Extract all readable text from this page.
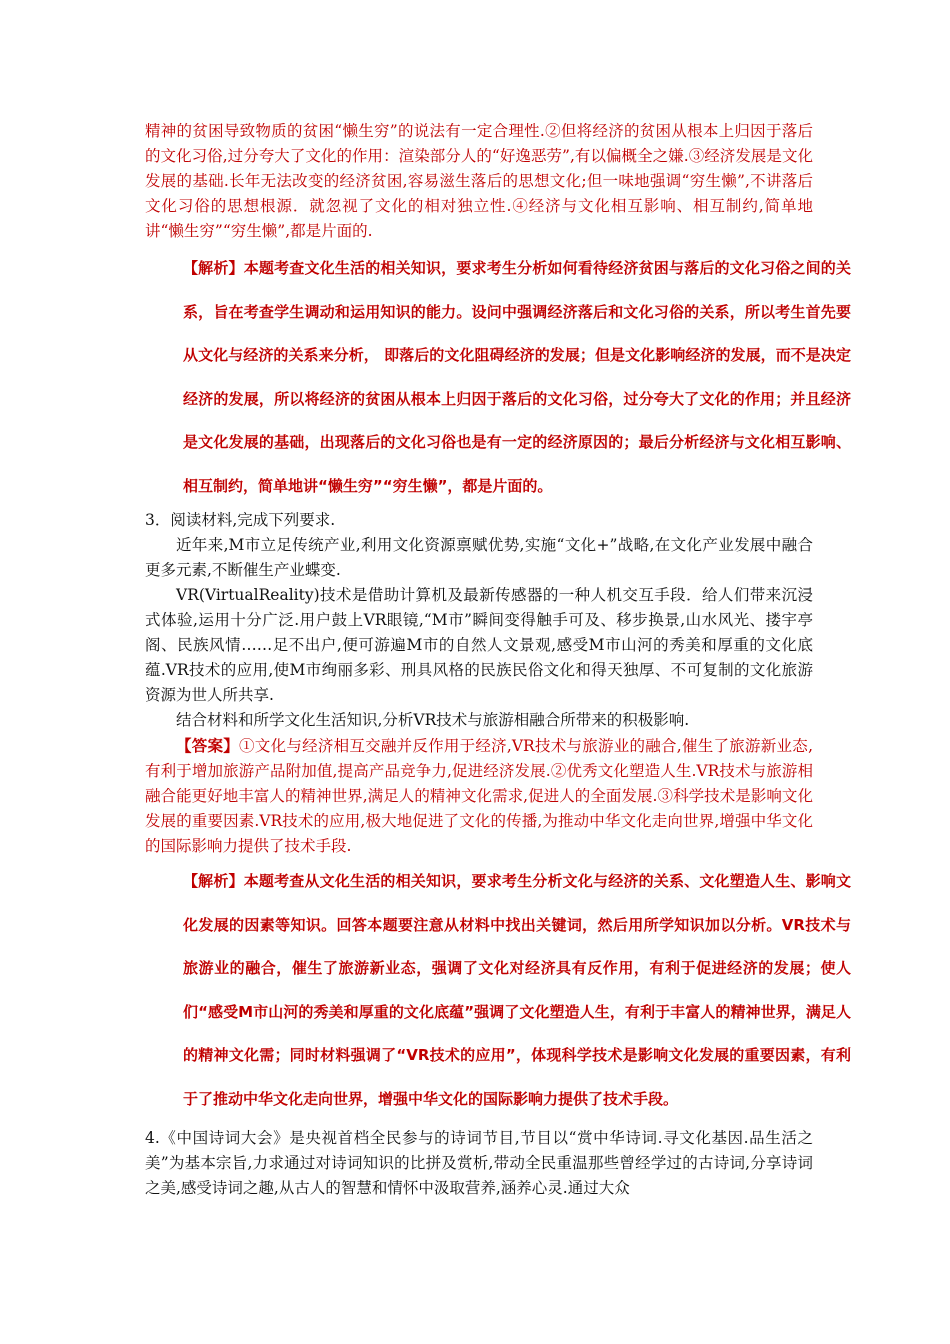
精神的贫困导致物质的贫困“懒生穷”的说法有一定合理性.②但将经济的贫困从根本上归因于落后的文化习俗,过分夸大了文化的作用：渲染部分人的“好逸恶劳”,有以偏概全之嫌.③经济发展是文化发展的基础.长年无法改变的经济贫困,容易滋生落后的思想文化;但一味地强调“穷生懒”,不讲落后文化习俗的思想根源．就忽视了文化的相对独立性.④经济与文化相互影响、相互制约,简单地讲“懒生穷”“穷生懒”,都是片面的.
【解析】本题考查文化生活的相关知识，要求考生分析如何看待经济贫困与落后的文化习俗之间的关系，旨在考查学生调动和运用知识的能力。设问中强调经济落后和文化习俗的关系，所以考生首先要从文化与经济的关系来分析， 即落后的文化阻碍经济的发展；但是文化影响经济的发展，而不是决定经济的发展，所以将经济的贫困从根本上归因于落后的文化习俗，过分夸大了文化的作用；并且经济是文化发展的基础，出现落后的文化习俗也是有一定的经济原因的；最后分析经济与文化相互影响、相互制约，简单地讲“懒生穷”“穷生懒”，都是片面的。
3．阅读材料,完成下列要求.
近年来,M市立足传统产业,利用文化资源禀赋优势,实施“文化+”战略,在文化产业发展中融合更多元素,不断催生产业蝶变.
VR(VirtualReality)技术是借助计算机及最新传感器的一种人机交互手段．给人们带来沉浸式体验,运用十分广泛.用户鼓上VR眼镜,“M市”瞬间变得触手可及、移步换景,山水风光、搂宇亭阁、民族风情……足不出户,便可游遍M市的自然人文景观,感受M市山河的秀美和厚重的文化底蕴.VR技术的应用,使M市绚丽多彩、刑具风格的民族民俗文化和得天独厚、不可复制的文化旅游资源为世人所共享.
结合材料和所学文化生活知识,分析VR技术与旅游相融合所带来的积极影响.
【答案】①文化与经济相互交融并反作用于经济,VR技术与旅游业的融合,催生了旅游新业态,有利于增加旅游产品附加值,提高产品竞争力,促进经济发展.②优秀文化塑造人生.VR技术与旅游相融合能更好地丰富人的精神世界,满足人的精神文化需求,促进人的全面发展.③科学技术是影响文化发展的重要因素.VR技术的应用,极大地促进了文化的传播,为推动中华文化走向世界,增强中华文化的国际影响力提供了技术手段.
【解析】本题考查从文化生活的相关知识，要求考生分析文化与经济的关系、文化塑造人生、影响文化发展的因素等知识。回答本题要注意从材料中找出关键词，然后用所学知识加以分析。VR技术与旅游业的融合，催生了旅游新业态，强调了文化对经济具有反作用，有利于促进经济的发展；使人们“感受M市山河的秀美和厚重的文化底蕴”强调了文化塑造人生，有利于丰富人的精神世界，满足人的精神文化需；同时材料强调了“VR技术的应用”，体现科学技术是影响文化发展的重要因素，有利于了推动中华文化走向世界，增强中华文化的国际影响力提供了技术手段。
4.《中国诗词大会》是央视首档全民参与的诗词节目,节目以“赏中华诗词.寻文化基因.品生活之美”为基本宗旨,力求通过对诗词知识的比拼及赏析,带动全民重温那些曾经学过的古诗词,分享诗词之美,感受诗词之趣,从古人的智慧和情怀中汲取营养,涵养心灵.通过大众
